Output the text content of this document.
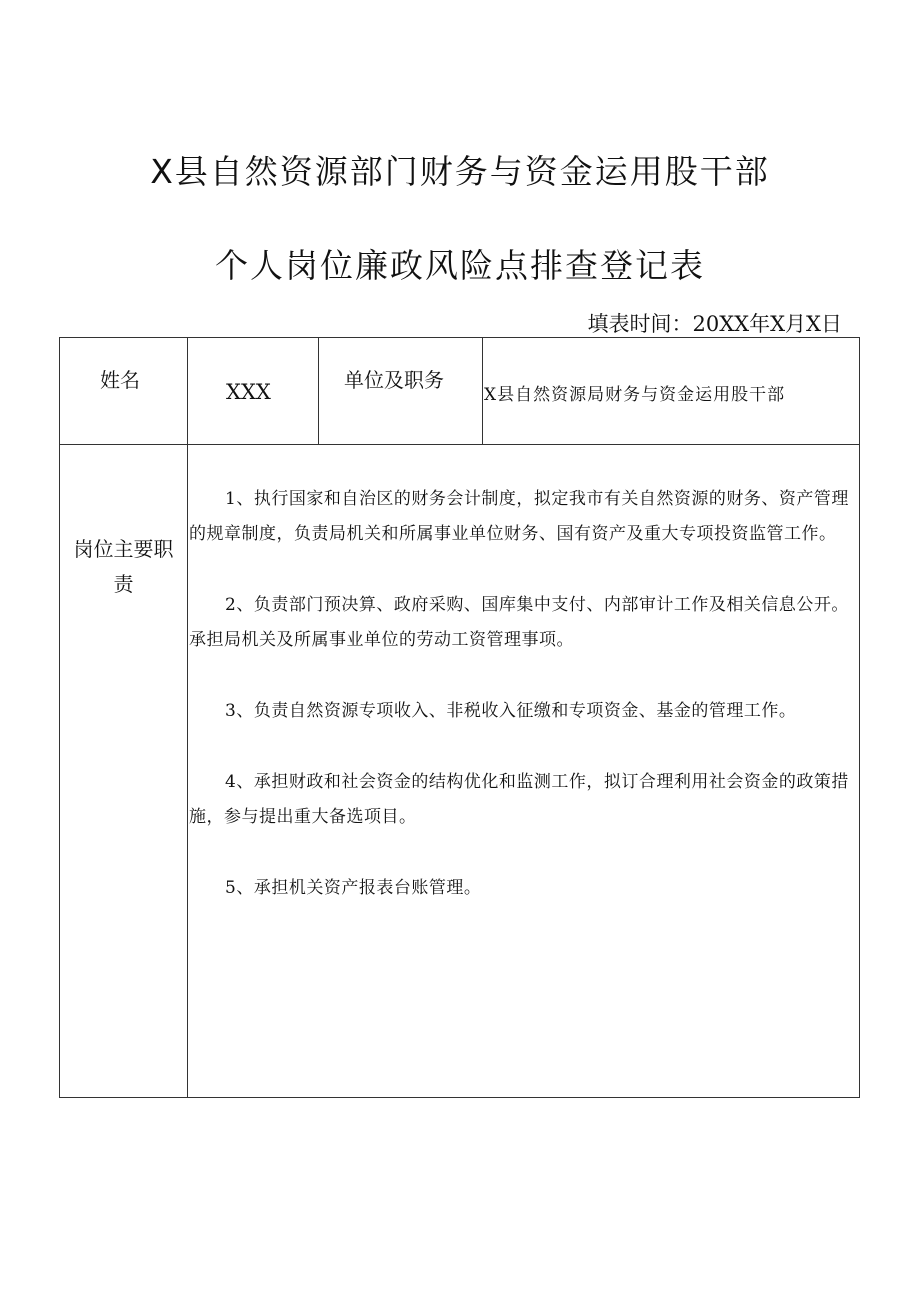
X县自然资源部门财务与资金运用股干部
个人岗位廉政风险点排查登记表
填表时间：20XX年X月X日
姓名	XXX	单位及职务
X县自然资源局财务与资金运用股干部
岗位主要职
责

1、执行国家和自治区的财务会计制度，拟定我市有关自然资源的财务、资产管理的规章制度，负责局机关和所属事业单位财务、国有资产及重大专项投资监管工作。

2、负责部门预决算、政府采购、国库集中支付、内部审计工作及相关信息公开。承担局机关及所属事业单位的劳动工资管理事项。

3、负责自然资源专项收入、非税收入征缴和专项资金、基金的管理工作。

4、承担财政和社会资金的结构优化和监测工作，拟订合理利用社会资金的政策措施，参与提出重大备选项目。

5、承担机关资产报表台账管理。
